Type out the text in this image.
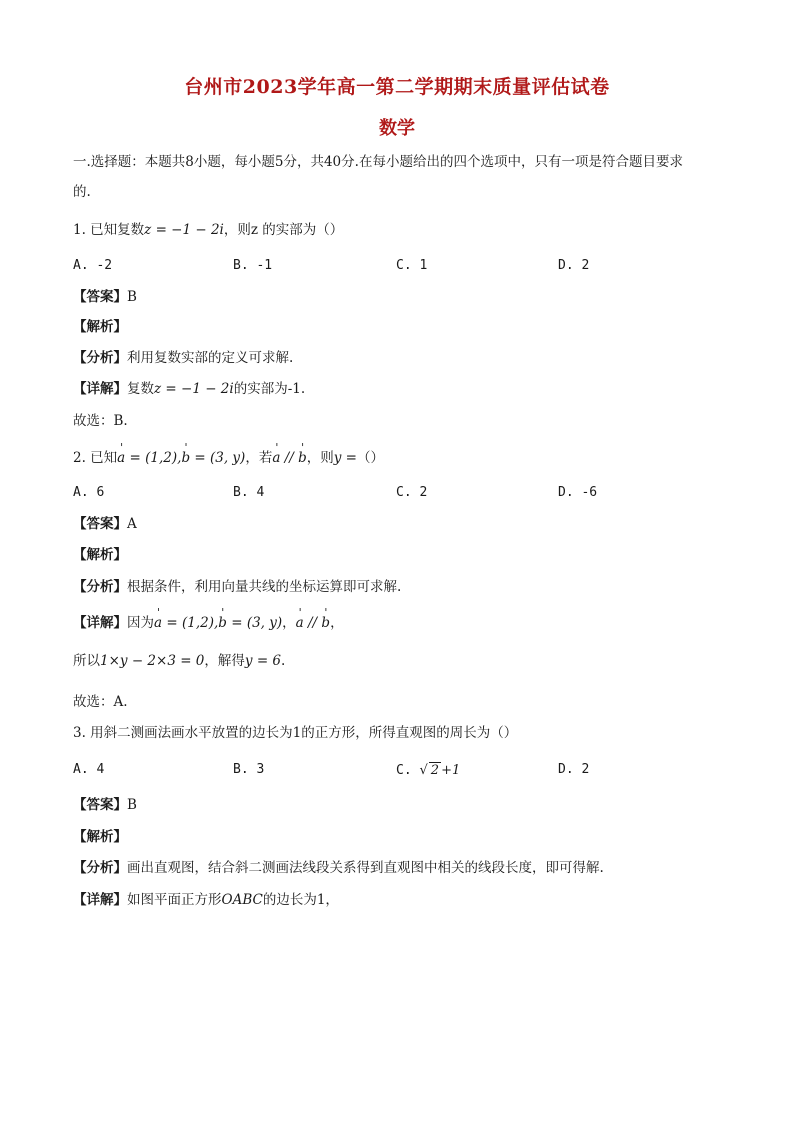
台州市2023学年高一第二学期期末质量评估试卷
数学
一.选择题：本题共8小题，每小题5分，共40分.在每小题给出的四个选项中，只有一项是符合题目要求
的.
1. 已知复数z = −1 − 2i，则z 的实部为（）
A. -2	B. -1	C. 1	D. 2
【答案】B
【解析】
【分析】利用复数实部的定义可求解.
【详解】复数z = −1 − 2i的实部为-1.
故选：B.
2. 已知' a = (1,2),' b = (3, y)，若' a // ' b，则y =（）
A. 6	B. 4	C. 2	D. -6
【答案】A
【解析】
【分析】根据条件，利用向量共线的坐标运算即可求解.
【详解】因为' a = (1,2),' b = (3, y)，' a // ' b，
所以1×y − 2×3 = 0，解得y = 6.
故选：A.
3. 用斜二测画法画水平放置的边长为1的正方形，所得直观图的周长为（）
A. 4	B. 3	C. √ 2 +1	D. 2
【答案】B
【解析】
【分析】画出直观图，结合斜二测画法线段关系得到直观图中相关的线段长度，即可得解.
【详解】如图平面正方形OABC的边长为1，
